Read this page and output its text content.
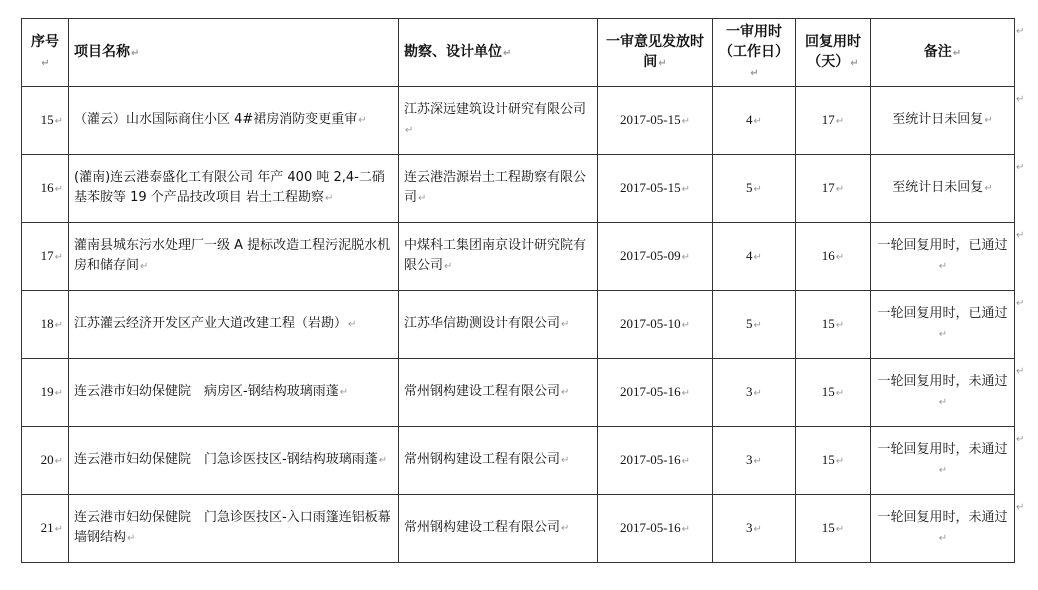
序号↵	项目名称↵	勘察、设计单位↵	一审意见发放时间↵	一审用时（工作日）↵	回复用时（天）↵	备注↵
15↵	（灌云）山水国际商住小区 4#裙房消防变更重审↵	江苏深远建筑设计研究有限公司↵	2017-05-15↵	4↵	17↵	至统计日未回复↵
16↵	(灌南)连云港泰盛化工有限公司 年产 400 吨 2,4-二硝基苯胺等 19 个产品技改项目 岩土工程勘察↵	连云港浩源岩土工程勘察有限公司↵	2017-05-15↵	5↵	17↵	至统计日未回复↵
17↵	灌南县城东污水处理厂一级 A 提标改造工程污泥脱水机房和储存间↵	中煤科工集团南京设计研究院有限公司↵	2017-05-09↵	4↵	16↵	一轮回复用时，已通过↵
18↵	江苏灌云经济开发区产业大道改建工程（岩勘）↵	江苏华信勘测设计有限公司↵	2017-05-10↵	5↵	15↵	一轮回复用时，已通过↵
19↵	连云港市妇幼保健院　病房区-钢结构玻璃雨蓬↵	常州钢构建设工程有限公司↵	2017-05-16↵	3↵	15↵	一轮回复用时，未通过↵
20↵	连云港市妇幼保健院　门急诊医技区-钢结构玻璃雨蓬↵	常州钢构建设工程有限公司↵	2017-05-16↵	3↵	15↵	一轮回复用时，未通过↵
21↵	连云港市妇幼保健院　门急诊医技区-入口雨篷连铝板幕墙钢结构↵	常州钢构建设工程有限公司↵	2017-05-16↵	3↵	15↵	一轮回复用时，未通过↵
↵
↵
↵
↵
↵
↵
↵
↵
